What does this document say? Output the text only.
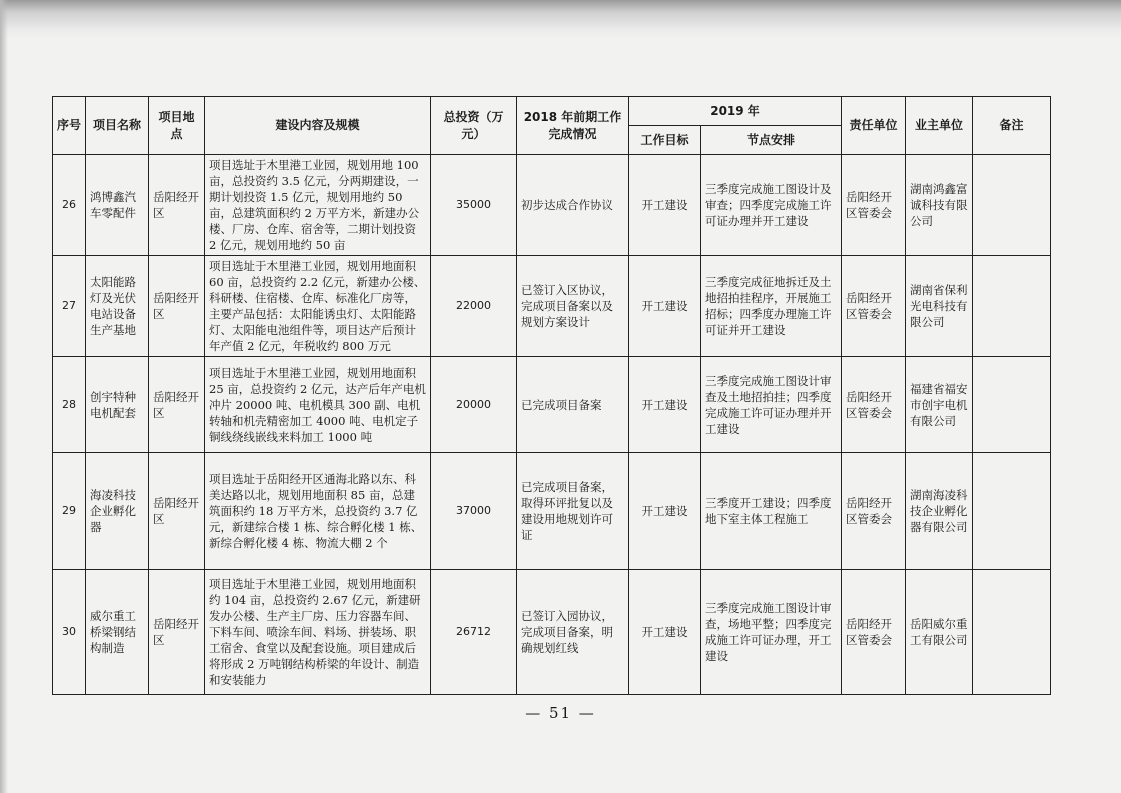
序号	项目名称	项目地点	建设内容及规模	总投资（万元）	2018 年前期工作完成情况	2019 年		责任单位	业主单位	备注
						工作目标	节点安排			
26	鸿博鑫汽车零配件	岳阳经开区	项目选址于木里港工业园，规划用地 100 亩，总投资约 3.5 亿元，分两期建设，一期计划投资 1.5 亿元，规划用地约 50 亩，总建筑面积约 2 万平方米，新建办公楼、厂房、仓库、宿舍等，二期计划投资 2 亿元，规划用地约 50 亩	35000	初步达成合作协议	开工建设	三季度完成施工图设计及审查；四季度完成施工许可证办理并开工建设	岳阳经开区管委会	湖南鸿鑫富诚科技有限公司	
27	太阳能路灯及光伏电站设备生产基地	岳阳经开区	项目选址于木里港工业园，规划用地面积 60 亩，总投资约 2.2 亿元，新建办公楼、科研楼、住宿楼、仓库、标准化厂房等，主要产品包括：太阳能诱虫灯、太阳能路灯、太阳能电池组件等，项目达产后预计年产值 2 亿元，年税收约 800 万元	22000	已签订入区协议，完成项目备案以及规划方案设计	开工建设	三季度完成征地拆迁及土地招拍挂程序，开展施工招标；四季度办理施工许可证并开工建设	岳阳经开区管委会	湖南省保利光电科技有限公司	
28	创宇特种电机配套	岳阳经开区	项目选址于木里港工业园，规划用地面积 25 亩，总投资约 2 亿元，达产后年产电机冲片 20000 吨、电机模具 300 副、电机转轴和机壳精密加工 4000 吨、电机定子铜线绕线嵌线来料加工 1000 吨	20000	已完成项目备案	开工建设	三季度完成施工图设计审查及土地招拍挂；四季度完成施工许可证办理并开工建设	岳阳经开区管委会	福建省福安市创宇电机有限公司	
29	海凌科技企业孵化器	岳阳经开区	项目选址于岳阳经开区通海北路以东、科美达路以北，规划用地面积 85 亩，总建筑面积约 18 万平方米，总投资约 3.7 亿元，新建综合楼 1 栋、综合孵化楼 1 栋、新综合孵化楼 4 栋、物流大棚 2 个	37000	已完成项目备案，取得环评批复以及建设用地规划许可证	开工建设	三季度开工建设；四季度地下室主体工程施工	岳阳经开区管委会	湖南海凌科技企业孵化器有限公司	
30	威尔重工桥梁钢结构制造	岳阳经开区	项目选址于木里港工业园，规划用地面积约 104 亩，总投资约 2.67 亿元，新建研发办公楼、生产主厂房、压力容器车间、下料车间、喷涂车间、料场、拼装场、职工宿舍、食堂以及配套设施。项目建成后将形成 2 万吨钢结构桥梁的年设计、制造和安装能力	26712	已签订入园协议，完成项目备案，明确规划红线	开工建设	三季度完成施工图设计审查，场地平整；四季度完成施工许可证办理，开工建设	岳阳经开区管委会	岳阳威尔重工有限公司	
— 51 —
